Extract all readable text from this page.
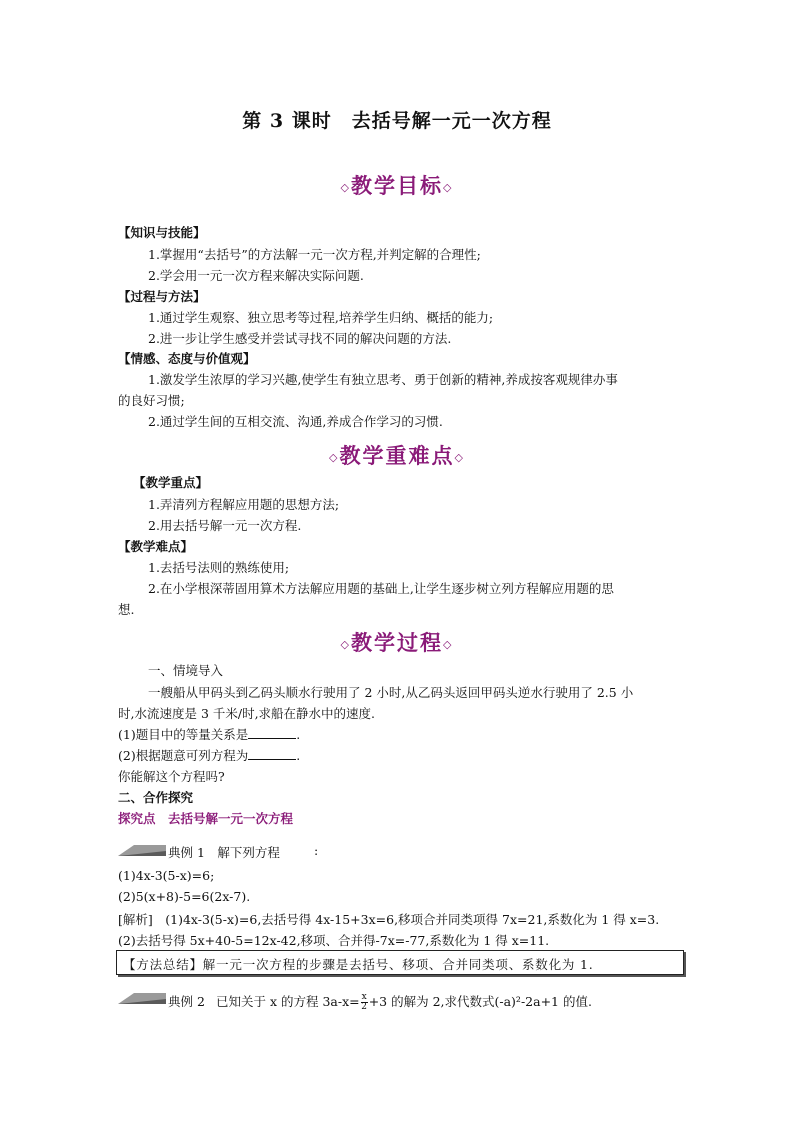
第 3 课时　去括号解一元一次方程
◇教学目标◇
【知识与技能】
1.掌握用“去括号”的方法解一元一次方程,并判定解的合理性;
2.学会用一元一次方程来解决实际问题.
【过程与方法】
1.通过学生观察、独立思考等过程,培养学生归纳、概括的能力;
2.进一步让学生感受并尝试寻找不同的解决问题的方法.
【情感、态度与价值观】
1.激发学生浓厚的学习兴趣,使学生有独立思考、勇于创新的精神,养成按客观规律办事
的良好习惯;
2.通过学生间的互相交流、沟通,养成合作学习的习惯.
◇教学重难点◇
【教学重点】
1.弄清列方程解应用题的思想方法;
2.用去括号解一元一次方程.
【教学难点】
1.去括号法则的熟练使用;
2.在小学根深蒂固用算术方法解应用题的基础上,让学生逐步树立列方程解应用题的思
想.
◇教学过程◇
一、情境导入
一艘船从甲码头到乙码头顺水行驶用了 2 小时,从乙码头返回甲码头逆水行驶用了 2.5 小
时,水流速度是 3 千米/时,求船在静水中的速度.
(1)题目中的等量关系是	.
(2)根据题意可列方程为	.
你能解这个方程吗?
二、合作探究
探究点　去括号解一元一次方程
典例 1　解下列方程	:
(1)4x-3(5-x)=6;
(2)5(x+8)-5=6(2x-7).
[解析]　(1)4x-3(5-x)=6,去括号得 4x-15+3x=6,移项合并同类项得 7x=21,系数化为 1 得 x=3.
(2)去括号得 5x+40-5=12x-42,移项、合并得-7x=-77,系数化为 1 得 x=11.
【方法总结】解一元一次方程的步骤是去括号、移项、合并同类项、系数化为 1.
典例 2 已知关于 x 的方程 $3a-x= \frac{x}{2} +3$ 的解为 2,求代数式(-a)²-2a+1 的值.
